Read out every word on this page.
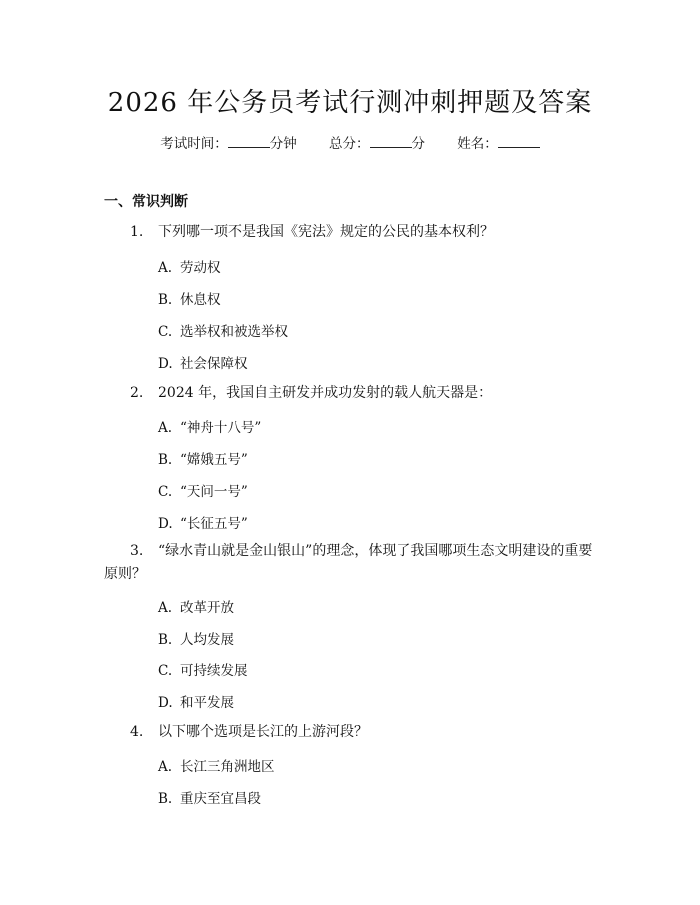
2026 年公务员考试行测冲刺押题及答案
考试时间：	分钟 总分：	分 姓名：
一、常识判断
1.	下列哪一项不是我国《宪法》规定的公民的基本权利？
A. 劳动权
B. 休息权
C. 选举权和被选举权
D. 社会保障权
2.	2024 年，我国自主研发并成功发射的载人航天器是：
A. “神舟十八号”
B. “嫦娥五号”
C. “天问一号”
D. “长征五号”
3.	“绿水青山就是金山银山”的理念，体现了我国哪项生态文明建设的重要
原则？
A. 改革开放
B. 人均发展
C. 可持续发展
D. 和平发展
4.	以下哪个选项是长江的上游河段？
A. 长江三角洲地区
B. 重庆至宜昌段
